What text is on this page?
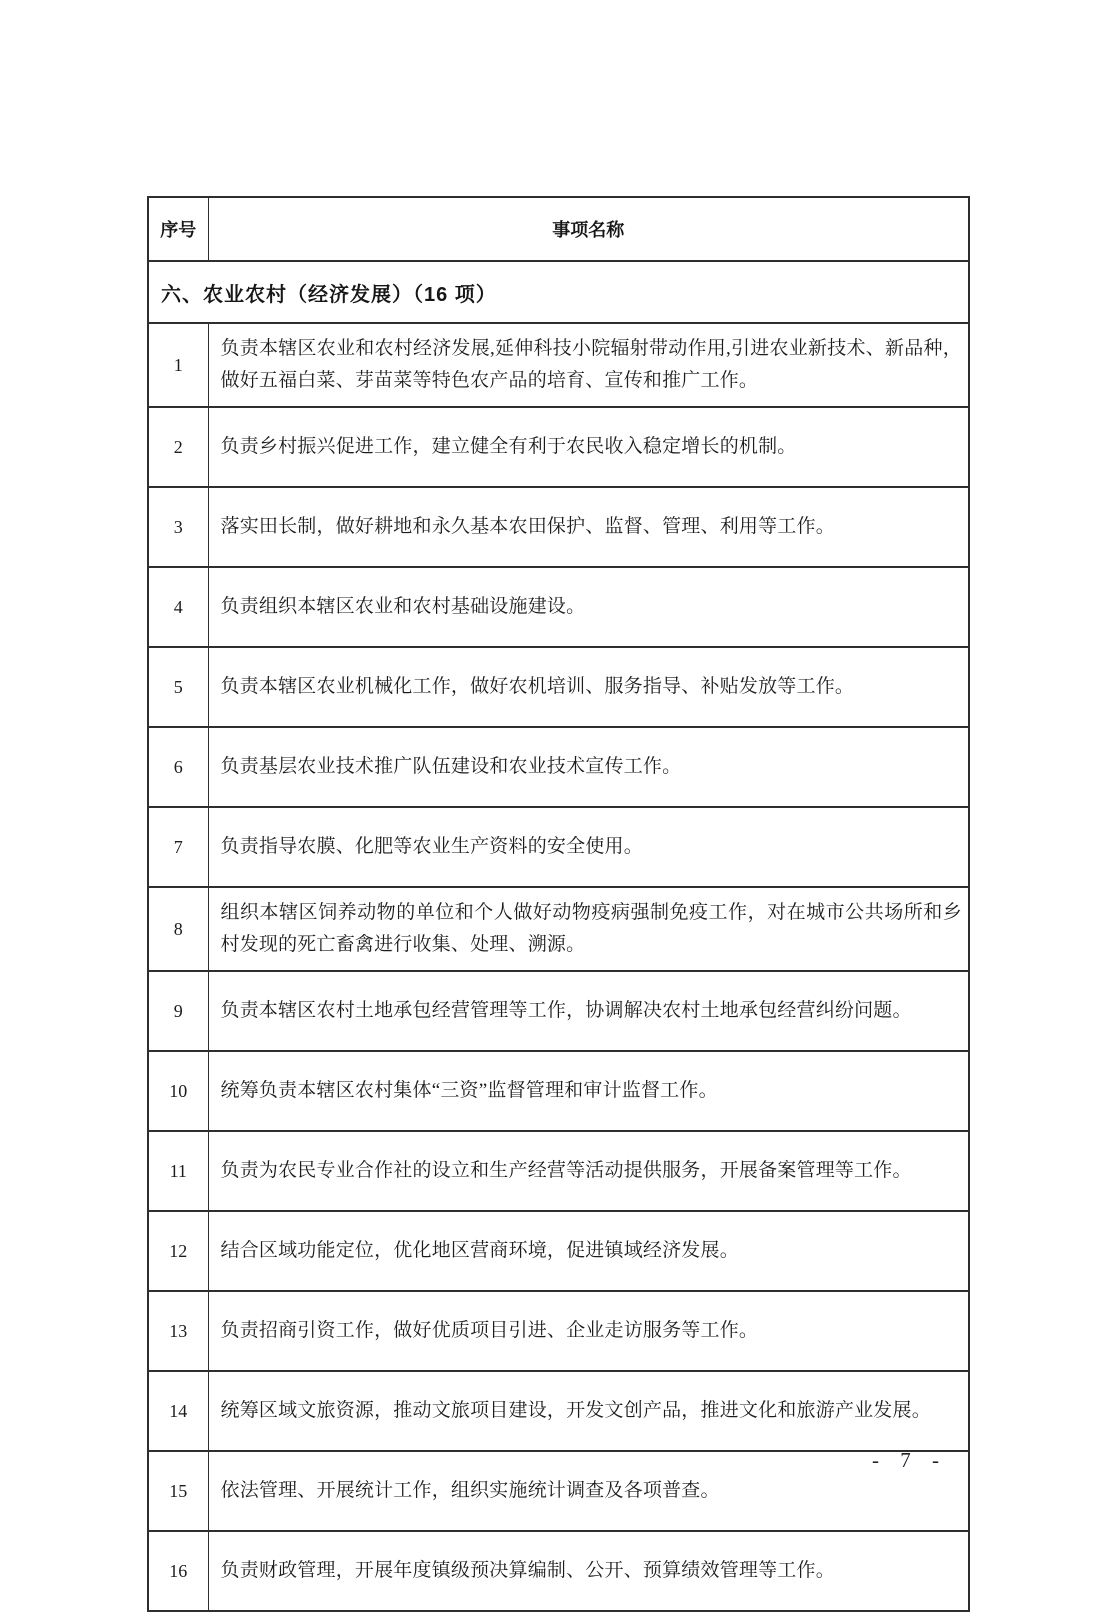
序号	事项名称
六、农业农村（经济发展）（16 项）	
1	负责本辖区农业和农村经济发展,延伸科技小院辐射带动作用,引进农业新技术、新品种，做好五福白菜、芽苗菜等特色农产品的培育、宣传和推广工作。
2	负责乡村振兴促进工作，建立健全有利于农民收入稳定增长的机制。
3	落实田长制，做好耕地和永久基本农田保护、监督、管理、利用等工作。
4	负责组织本辖区农业和农村基础设施建设。
5	负责本辖区农业机械化工作，做好农机培训、服务指导、补贴发放等工作。
6	负责基层农业技术推广队伍建设和农业技术宣传工作。
7	负责指导农膜、化肥等农业生产资料的安全使用。
8	组织本辖区饲养动物的单位和个人做好动物疫病强制免疫工作，对在城市公共场所和乡村发现的死亡畜禽进行收集、处理、溯源。
9	负责本辖区农村土地承包经营管理等工作，协调解决农村土地承包经营纠纷问题。
10	统筹负责本辖区农村集体“三资”监督管理和审计监督工作。
11	负责为农民专业合作社的设立和生产经营等活动提供服务，开展备案管理等工作。
12	结合区域功能定位，优化地区营商环境，促进镇域经济发展。
13	负责招商引资工作，做好优质项目引进、企业走访服务等工作。
14	统筹区域文旅资源，推动文旅项目建设，开发文创产品，推进文化和旅游产业发展。
15	依法管理、开展统计工作，组织实施统计调查及各项普查。
16	负责财政管理，开展年度镇级预决算编制、公开、预算绩效管理等工作。
- 7 -
